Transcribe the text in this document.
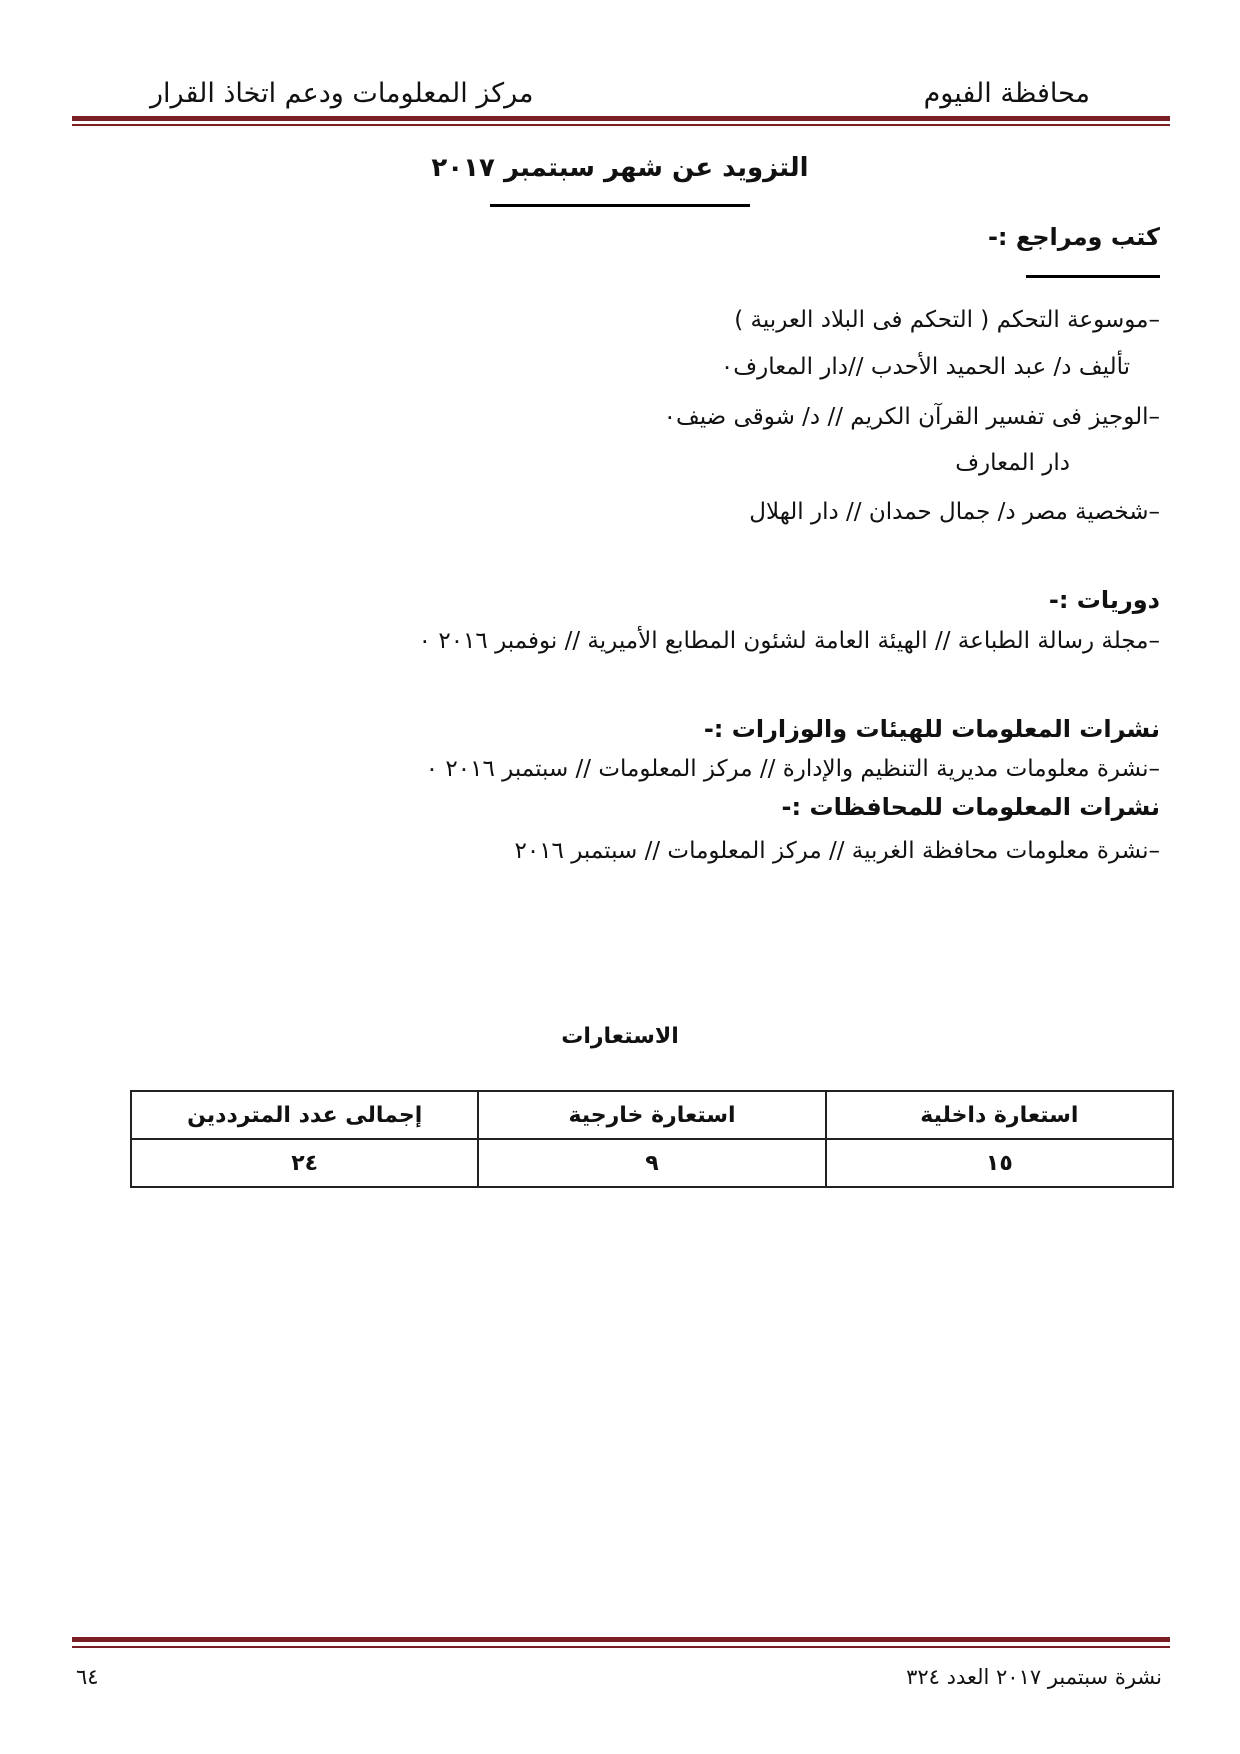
محافظة الفيوم
مركز المعلومات ودعم اتخاذ القرار
التزويد عن شهر سبتمبر ٢٠١٧
كتب ومراجع :-
–موسوعة التحكم ( التحكم فى البلاد العربية )
تأليف د/ عبد الحميد الأحدب //دار المعارف٠
–الوجيز فى تفسير القرآن الكريم // د/ شوقى ضيف٠
دار المعارف
–شخصية مصر د/ جمال حمدان // دار الهلال
دوريات :-
–مجلة رسالة الطباعة // الهيئة العامة لشئون المطابع الأميرية // نوفمبر ٢٠١٦ ٠
نشرات المعلومات للهيئات والوزارات :-
–نشرة معلومات مديرية التنظيم والإدارة // مركز المعلومات // سبتمبر ٢٠١٦ ٠
نشرات المعلومات للمحافظات :-
–نشرة معلومات محافظة الغربية // مركز المعلومات // سبتمبر ٢٠١٦
الاستعارات
استعارة داخلية	استعارة خارجية	إجمالى عدد المترددين
١٥	٩	٢٤
نشرة سبتمبر ٢٠١٧ العدد ٣٢٤
٦٤
